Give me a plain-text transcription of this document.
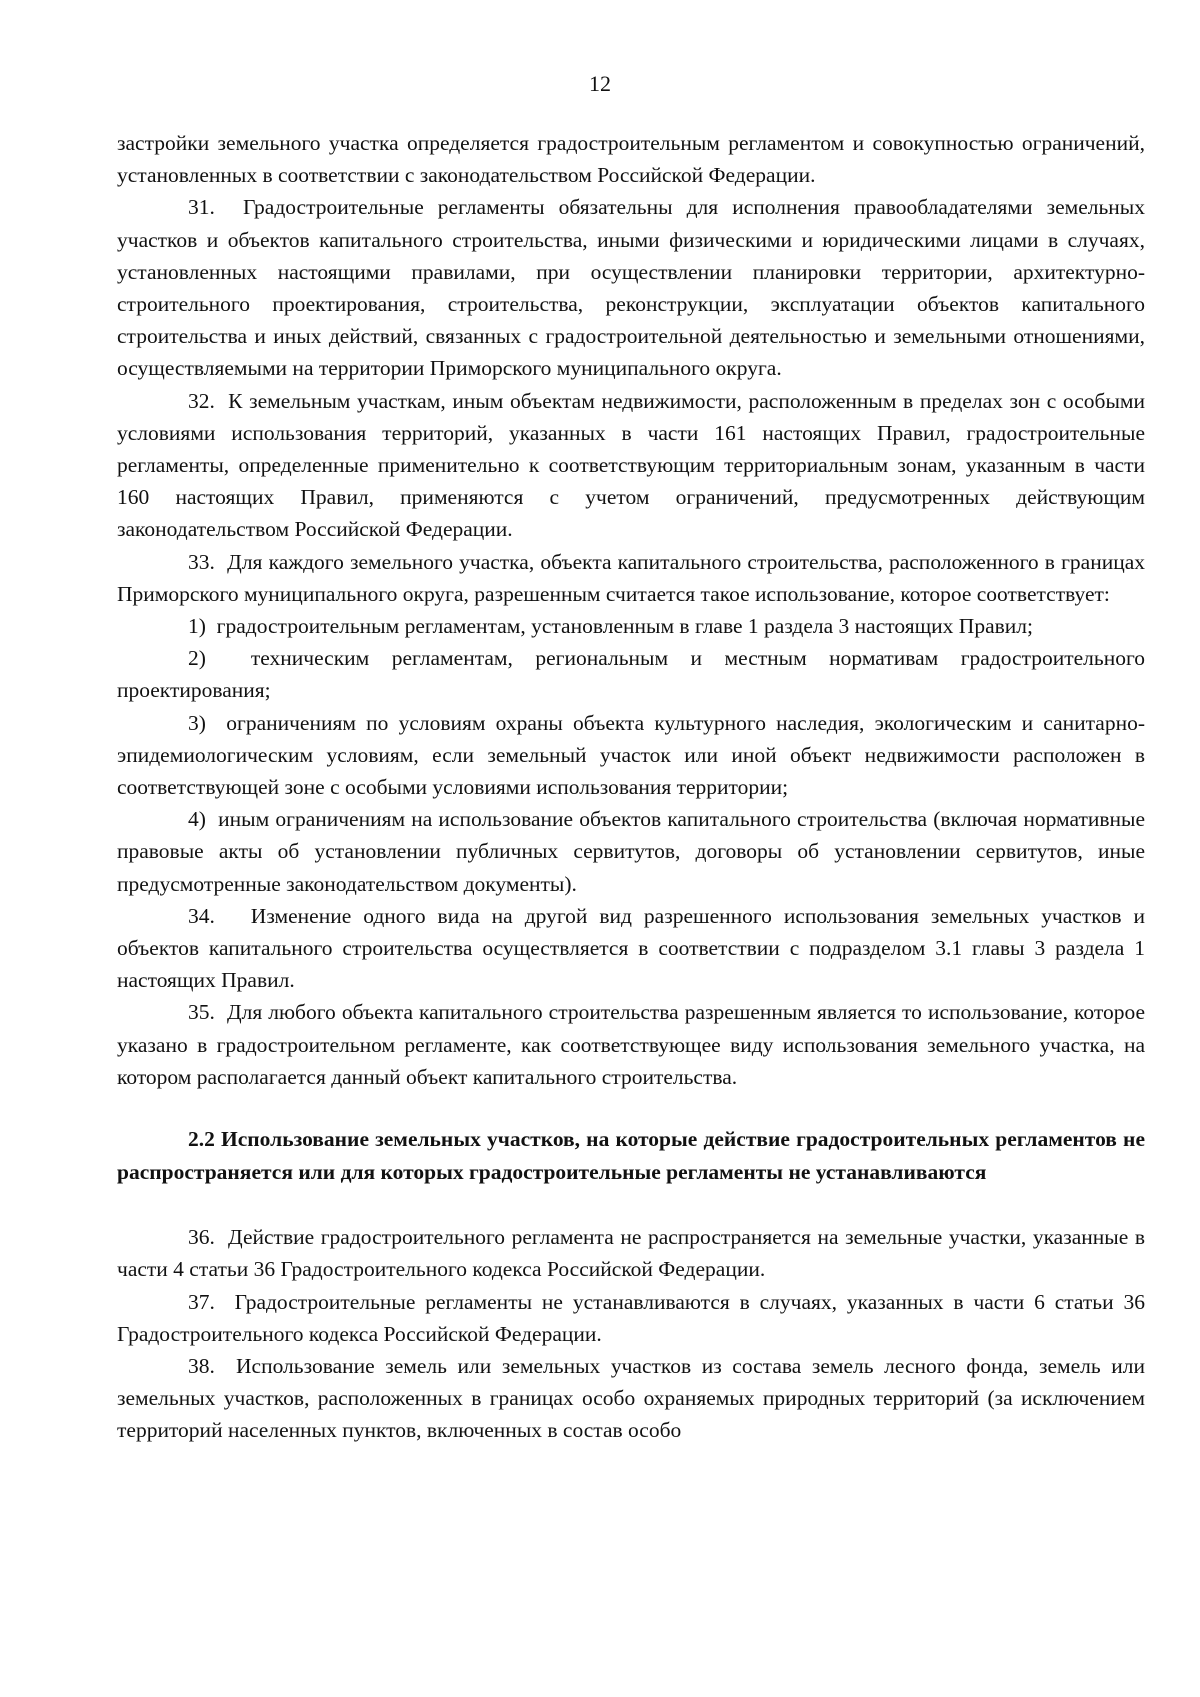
12

застройки земельного участка определяется градостроительным регламентом и совокупностью ограничений, установленных в соответствии с законодательством Российской Федерации.

31.  Градостроительные регламенты обязательны для исполнения правообладателями земельных участков и объектов капитального строительства, иными физическими и юридическими лицами в случаях, установленных настоящими правилами, при осуществлении планировки территории, архитектурно-строительного проектирования, строительства, реконструкции, эксплуатации объектов капитального строительства и иных действий, связанных с градостроительной деятельностью и земельными отношениями, осуществляемыми на территории Приморского муниципального округа.

32.  К земельным участкам, иным объектам недвижимости, расположенным в пределах зон с особыми условиями использования территорий, указанных в части 161 настоящих Правил, градостроительные регламенты, определенные применительно к соответствующим территориальным зонам, указанным в части 160 настоящих Правил, применяются с учетом ограничений, предусмотренных действующим законодательством Российской Федерации.

33.  Для каждого земельного участка, объекта капитального строительства, расположенного в границах Приморского муниципального округа, разрешенным считается такое использование, которое соответствует:

1)  градостроительным регламентам, установленным в главе 1 раздела 3 настоящих Правил;

2)  техническим регламентам, региональным и местным нормативам градостроительного проектирования;

3)  ограничениям по условиям охраны объекта культурного наследия, экологическим и санитарно-эпидемиологическим условиям, если земельный участок или иной объект недвижимости расположен в соответствующей зоне с особыми условиями использования территории;

4)  иным ограничениям на использование объектов капитального строительства (включая нормативные правовые акты об установлении публичных сервитутов, договоры об установлении сервитутов, иные предусмотренные законодательством документы).

34.   Изменение одного вида на другой вид разрешенного использования земельных участков и объектов капитального строительства осуществляется в соответствии с подразделом 3.1 главы 3 раздела 1 настоящих Правил.

35.  Для любого объекта капитального строительства разрешенным является то использование, которое указано в градостроительном регламенте, как соответствующее виду использования земельного участка, на котором располагается данный объект капитального строительства.

2.2 Использование земельных участков, на которые действие градостроительных регламентов не распространяется или для которых градостроительные регламенты не устанавливаются

36.  Действие градостроительного регламента не распространяется на земельные участки, указанные в части 4 статьи 36 Градостроительного кодекса Российской Федерации.

37.  Градостроительные регламенты не устанавливаются в случаях, указанных в части 6 статьи 36 Градостроительного кодекса Российской Федерации.

38.  Использование земель или земельных участков из состава земель лесного фонда, земель или земельных участков, расположенных в границах особо охраняемых природных территорий (за исключением территорий населенных пунктов, включенных в состав особо
